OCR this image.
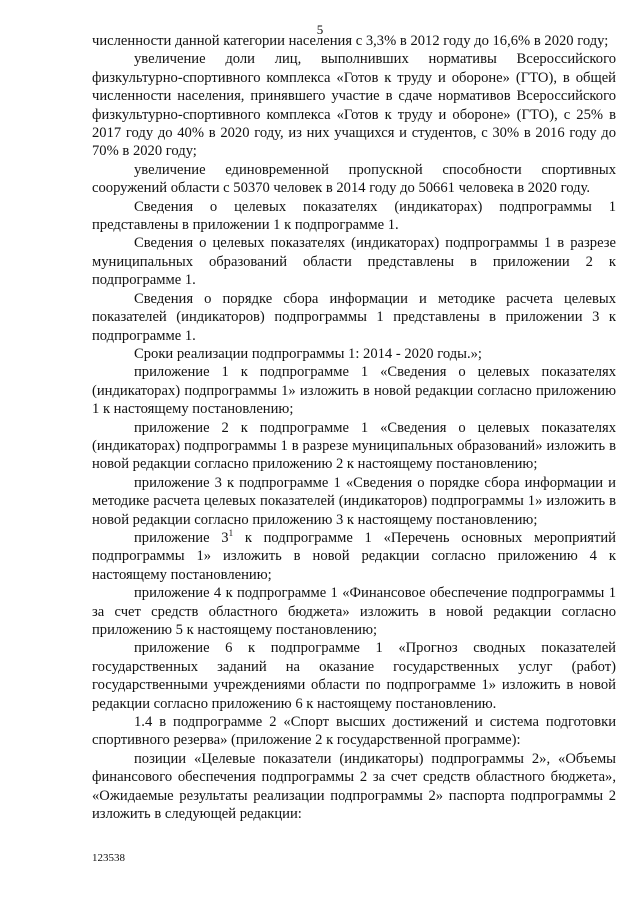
5

численности данной категории населения с 3,3% в 2012 году до 16,6% в 2020 году;

увеличение доли лиц, выполнивших нормативы Всероссийского физкультурно-спортивного комплекса «Готов к труду и обороне» (ГТО), в общей численности населения, принявшего участие в сдаче нормативов Всероссийского физкультурно-спортивного комплекса «Готов к труду и обороне» (ГТО), с 25% в 2017 году до 40% в 2020 году, из них учащихся и студентов, с 30% в 2016 году до 70% в 2020 году;

увеличение единовременной пропускной способности спортивных сооружений области с 50370 человек в 2014 году до 50661 человека в 2020 году.

Сведения о целевых показателях (индикаторах) подпрограммы 1 представлены в приложении 1 к подпрограмме 1.

Сведения о целевых показателях (индикаторах) подпрограммы 1 в разрезе муниципальных образований области представлены в приложении 2 к подпрограмме 1.

Сведения о порядке сбора информации и методике расчета целевых показателей (индикаторов) подпрограммы 1 представлены в приложении 3 к подпрограмме 1.

Сроки реализации подпрограммы 1: 2014 - 2020 годы.»;

приложение 1 к подпрограмме 1 «Сведения о целевых показателях (индикаторах) подпрограммы 1» изложить в новой редакции согласно приложению 1 к настоящему постановлению;

приложение 2 к подпрограмме 1 «Сведения о целевых показателях (индикаторах) подпрограммы 1 в разрезе муниципальных образований» изложить в новой редакции согласно приложению 2 к настоящему постановлению;

приложение 3 к подпрограмме 1 «Сведения о порядке сбора информации и методике расчета целевых показателей (индикаторов) подпрограммы 1» изложить в новой редакции согласно приложению 3 к настоящему постановлению;

приложение $3^1$ к подпрограмме 1 «Перечень основных мероприятий подпрограммы 1» изложить в новой редакции согласно приложению 4 к настоящему постановлению;

приложение 4 к подпрограмме 1 «Финансовое обеспечение подпрограммы 1 за счет средств областного бюджета» изложить в новой редакции согласно приложению 5 к настоящему постановлению;

приложение 6 к подпрограмме 1 «Прогноз сводных показателей государственных заданий на оказание государственных услуг (работ) государственными учреждениями области по подпрограмме 1» изложить в новой редакции согласно приложению 6 к настоящему постановлению.

1.4 в подпрограмме 2 «Спорт высших достижений и система подготовки спортивного резерва» (приложение 2 к государственной программе):

позиции «Целевые показатели (индикаторы) подпрограммы 2», «Объемы финансового обеспечения подпрограммы 2 за счет средств областного бюджета», «Ожидаемые результаты реализации подпрограммы 2» паспорта подпрограммы 2 изложить в следующей редакции:

123538
